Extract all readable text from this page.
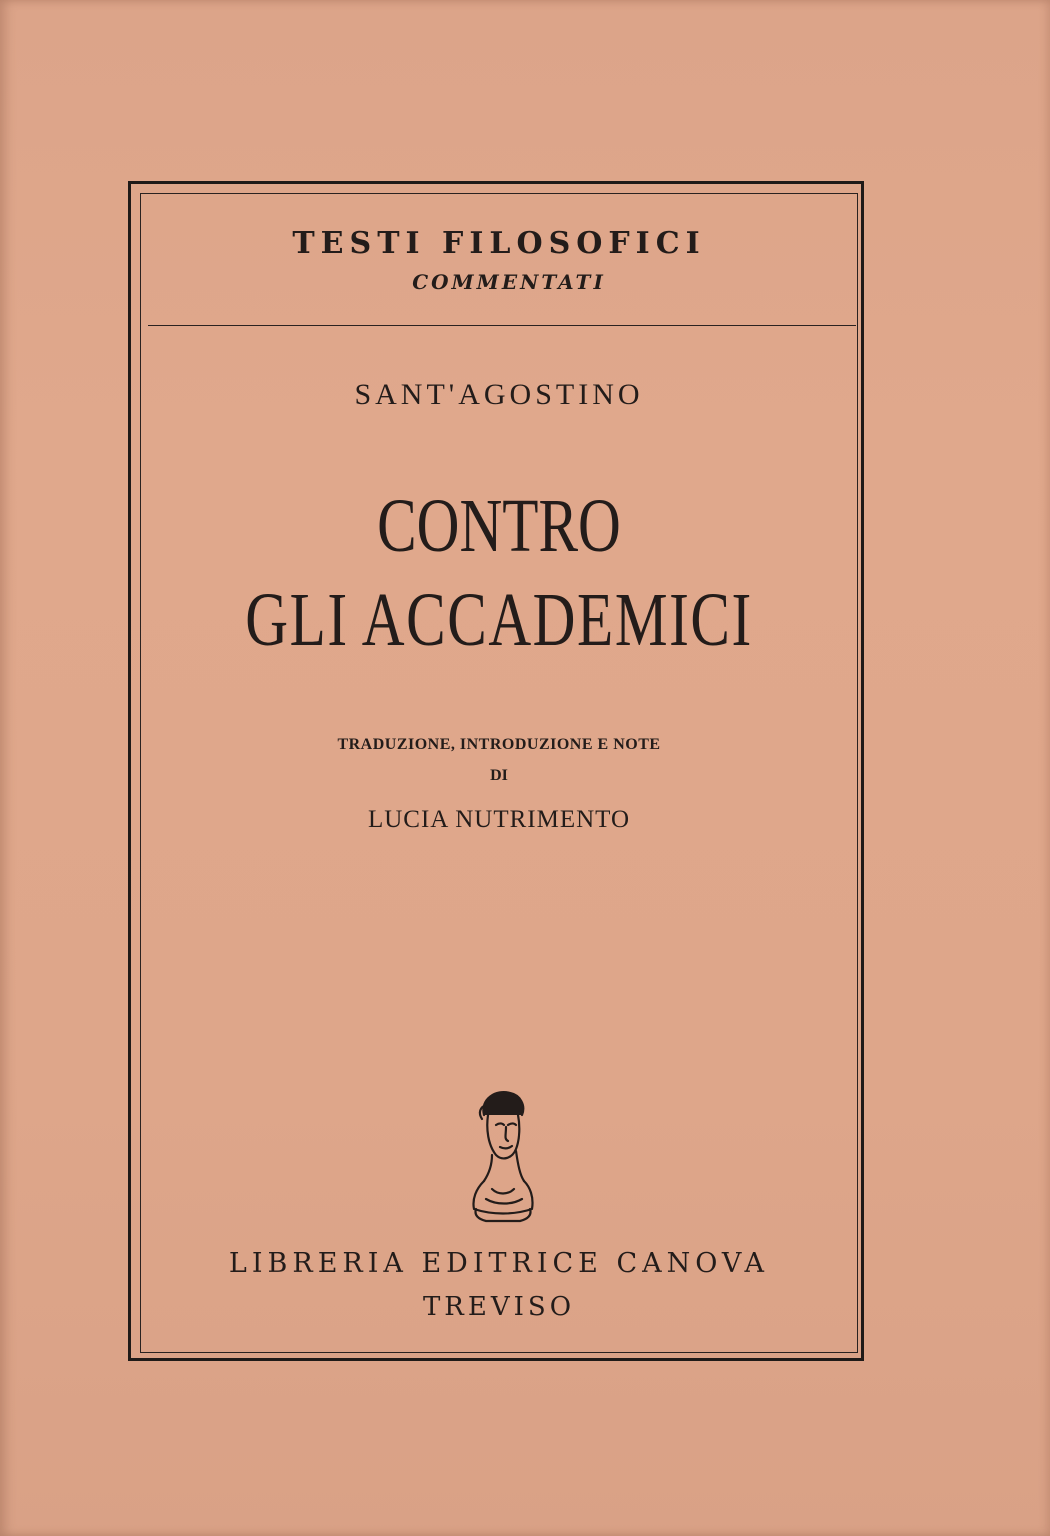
TESTI FILOSOFICI
COMMENTATI
SANT'AGOSTINO
CONTRO
GLI ACCADEMICI
TRADUZIONE, INTRODUZIONE E NOTE
DI
LUCIA NUTRIMENTO
LIBRERIA EDITRICE CANOVA
TREVISO
